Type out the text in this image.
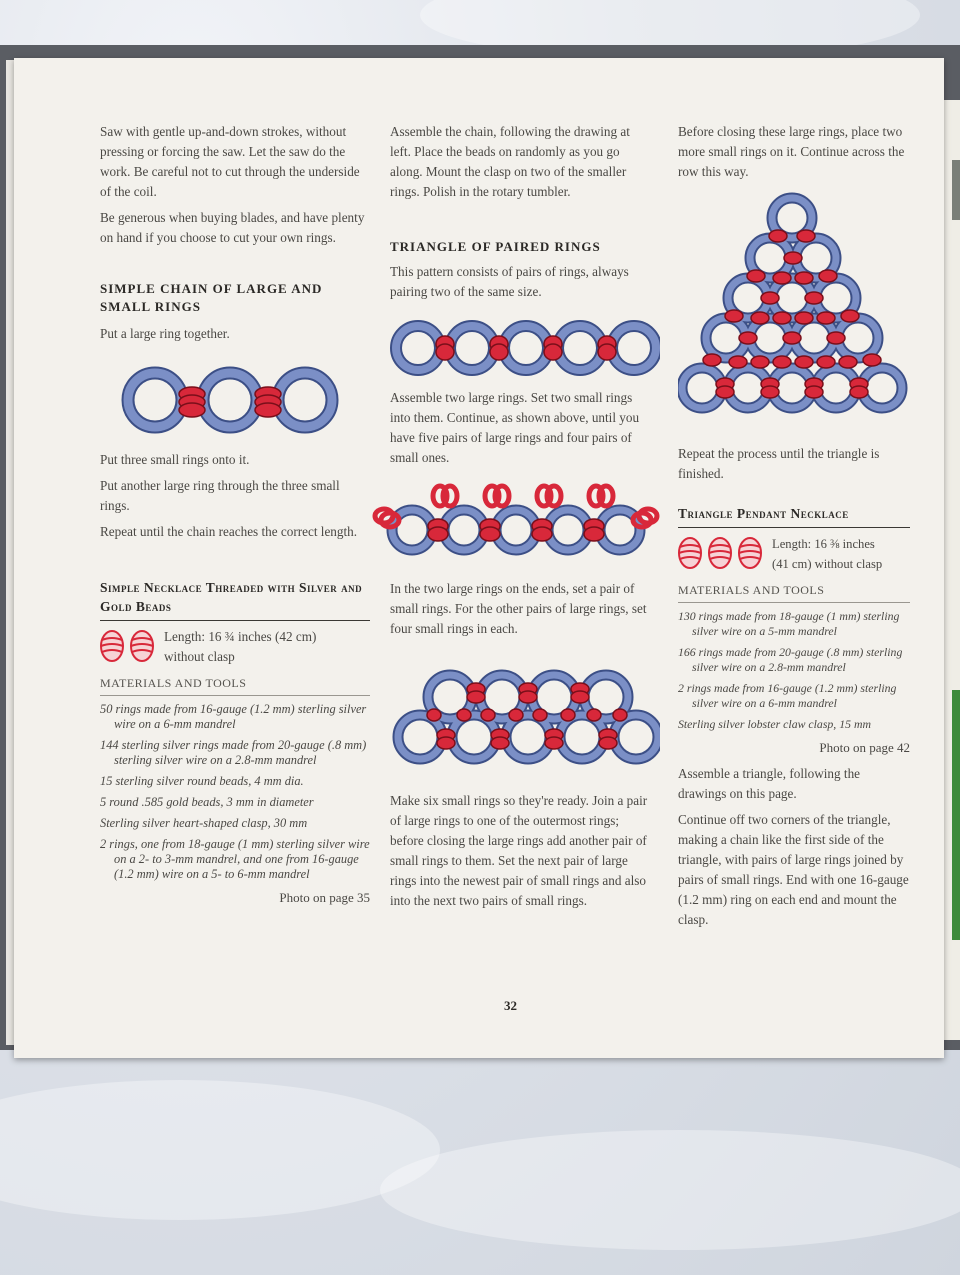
Saw with gentle up-and-down strokes, without pressing or forcing the saw. Let the saw do the work. Be careful not to cut through the underside of the coil.

Be generous when buying blades, and have plenty on hand if you choose to cut your own rings.

SIMPLE CHAIN OF LARGE AND SMALL RINGS

Put a large ring together.

Put three small rings onto it.

Put another large ring through the three small rings.

Repeat until the chain reaches the correct length.

Simple Necklace Threaded with Silver and Gold Beads
Length: 16 ¾ inches (42 cm) without clasp
MATERIALS AND TOOLS

50 rings made from 16-gauge (1.2 mm) sterling silver wire on a 6-mm mandrel

144 sterling silver rings made from 20-gauge (.8 mm) sterling silver wire on a 2.8-mm mandrel

15 sterling silver round beads, 4 mm dia.

5 round .585 gold beads, 3 mm in diameter

Sterling silver heart-shaped clasp, 30 mm

2 rings, one from 18-gauge (1 mm) sterling silver wire on a 2- to 3-mm mandrel, and one from 16-gauge (1.2 mm) wire on a 5- to 6-mm mandrel

Photo on page 35

Assemble the chain, following the drawing at left. Place the beads on randomly as you go along. Mount the clasp on two of the smaller rings. Polish in the rotary tumbler.

TRIANGLE OF PAIRED RINGS

This pattern consists of pairs of rings, always pairing two of the same size.

Assemble two large rings. Set two small rings into them. Continue, as shown above, until you have five pairs of large rings and four pairs of small ones.

In the two large rings on the ends, set a pair of small rings. For the other pairs of large rings, set four small rings in each.

Make six small rings so they're ready. Join a pair of large rings to one of the outermost rings; before closing the large rings add another pair of small rings to them. Set the next pair of large rings into the newest pair of small rings and also into the next two pairs of small rings.

Before closing these large rings, place two more small rings on it. Continue across the row this way.

Repeat the process until the triangle is finished.

Triangle Pendant Necklace
Length: 16 ⅜ inches (41 cm) without clasp
MATERIALS AND TOOLS

130 rings made from 18-gauge (1 mm) sterling silver wire on a 5-mm mandrel

166 rings made from 20-gauge (.8 mm) sterling silver wire on a 2.8-mm mandrel

2 rings made from 16-gauge (1.2 mm) sterling silver wire on a 6-mm mandrel

Sterling silver lobster claw clasp, 15 mm

Photo on page 42

Assemble a triangle, following the drawings on this page.

Continue off two corners of the triangle, making a chain like the first side of the triangle, with pairs of large rings joined by pairs of small rings. End with one 16-gauge (1.2 mm) ring on each end and mount the clasp.

32
